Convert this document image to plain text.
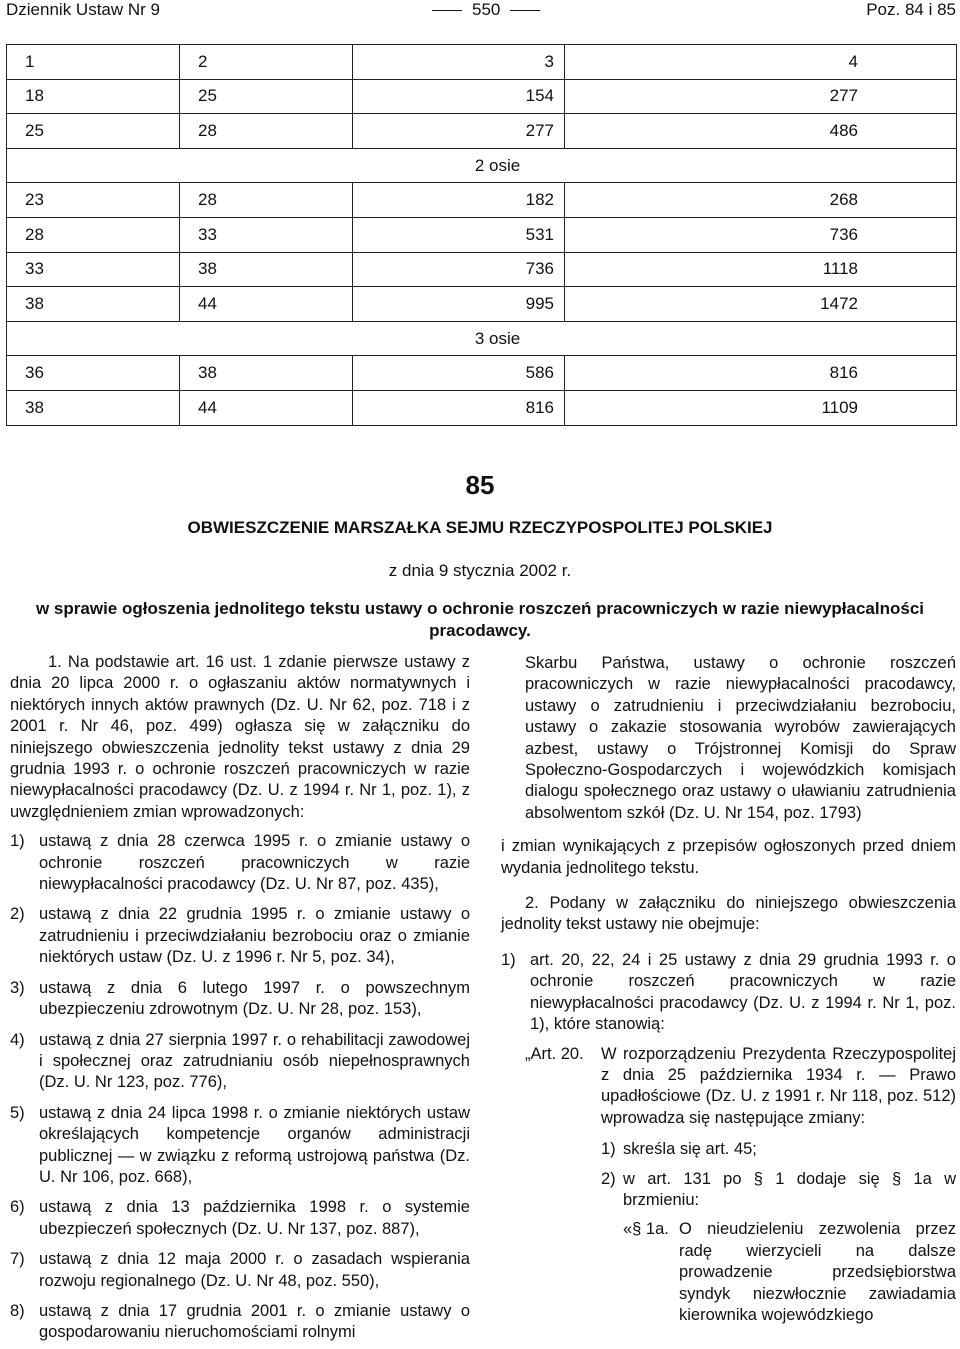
Dziennik Ustaw Nr 9	550	Poz. 84 i 85
1	2	3	4
18	25	154	277
25	28	277	486
2 osie			
23	28	182	268
28	33	531	736
33	38	736	1118
38	44	995	1472
3 osie			
36	38	586	816
38	44	816	1109
85
OBWIESZCZENIE MARSZAŁKA SEJMU RZECZYPOSPOLITEJ POLSKIEJ
z dnia 9 stycznia 2002 r.
w sprawie ogłoszenia jednolitego tekstu ustawy o ochronie roszczeń pracowniczych w razie niewypłacalności pracodawcy.

1. Na podstawie art. 16 ust. 1 zdanie pierwsze ustawy z dnia 20 lipca 2000 r. o ogłaszaniu aktów normatywnych i niektórych innych aktów prawnych (Dz. U. Nr 62, poz. 718 i z 2001 r. Nr 46, poz. 499) ogłasza się w załączniku do niniejszego obwieszczenia jednolity tekst ustawy z dnia 29 grudnia 1993 r. o ochronie roszczeń pracowniczych w razie niewypłacalności pracodawcy (Dz. U. z 1994 r. Nr 1, poz. 1), z uwzględnieniem zmian wprowadzonych:

1) ustawą z dnia 28 czerwca 1995 r. o zmianie ustawy o ochronie roszczeń pracowniczych w razie niewypłacalności pracodawcy (Dz. U. Nr 87, poz. 435),
2) ustawą z dnia 22 grudnia 1995 r. o zmianie ustawy o zatrudnieniu i przeciwdziałaniu bezrobociu oraz o zmianie niektórych ustaw (Dz. U. z 1996 r. Nr 5, poz. 34),
3) ustawą z dnia 6 lutego 1997 r. o powszechnym ubezpieczeniu zdrowotnym (Dz. U. Nr 28, poz. 153),
4) ustawą z dnia 27 sierpnia 1997 r. o rehabilitacji zawodowej i społecznej oraz zatrudnianiu osób niepełnosprawnych (Dz. U. Nr 123, poz. 776),
5) ustawą z dnia 24 lipca 1998 r. o zmianie niektórych ustaw określających kompetencje organów administracji publicznej — w związku z reformą ustrojową państwa (Dz. U. Nr 106, poz. 668),
6) ustawą z dnia 13 października 1998 r. o systemie ubezpieczeń społecznych (Dz. U. Nr 137, poz. 887),
7) ustawą z dnia 12 maja 2000 r. o zasadach wspierania rozwoju regionalnego (Dz. U. Nr 48, poz. 550),
8) ustawą z dnia 17 grudnia 2001 r. o zmianie ustawy o gospodarowaniu nieruchomościami rolnymi

Skarbu Państwa, ustawy o ochronie roszczeń pracowniczych w razie niewypłacalności pracodawcy, ustawy o zatrudnieniu i przeciwdziałaniu bezrobociu, ustawy o zakazie stosowania wyrobów zawierających azbest, ustawy o Trójstronnej Komisji do Spraw Społeczno-Gospodarczych i wojewódzkich komisjach dialogu społecznego oraz ustawy o uławianiu zatrudnienia absolwentom szkół (Dz. U. Nr 154, poz. 1793)

i zmian wynikających z przepisów ogłoszonych przed dniem wydania jednolitego tekstu.

2. Podany w załączniku do niniejszego obwieszczenia jednolity tekst ustawy nie obejmuje:

1) art. 20, 22, 24 i 25 ustawy z dnia 29 grudnia 1993 r. o ochronie roszczeń pracowniczych w razie niewypłacalności pracodawcy (Dz. U. z 1994 r. Nr 1, poz. 1), które stanowią:
„Art. 20.	W rozporządzeniu Prezydenta Rzeczypospolitej z dnia 25 października 1934 r. — Prawo upadłościowe (Dz. U. z 1991 r. Nr 118, poz. 512) wprowadza się następujące zmiany:
1) skreśla się art. 45;
2) w art. 131 po § 1 dodaje się § 1a w brzmieniu:
«§ 1a. O nieudzieleniu zezwolenia przez radę wierzycieli na dalsze prowadzenie przedsiębiorstwa syndyk niezwłocznie zawiadamia kierownika wojewódzkiego
